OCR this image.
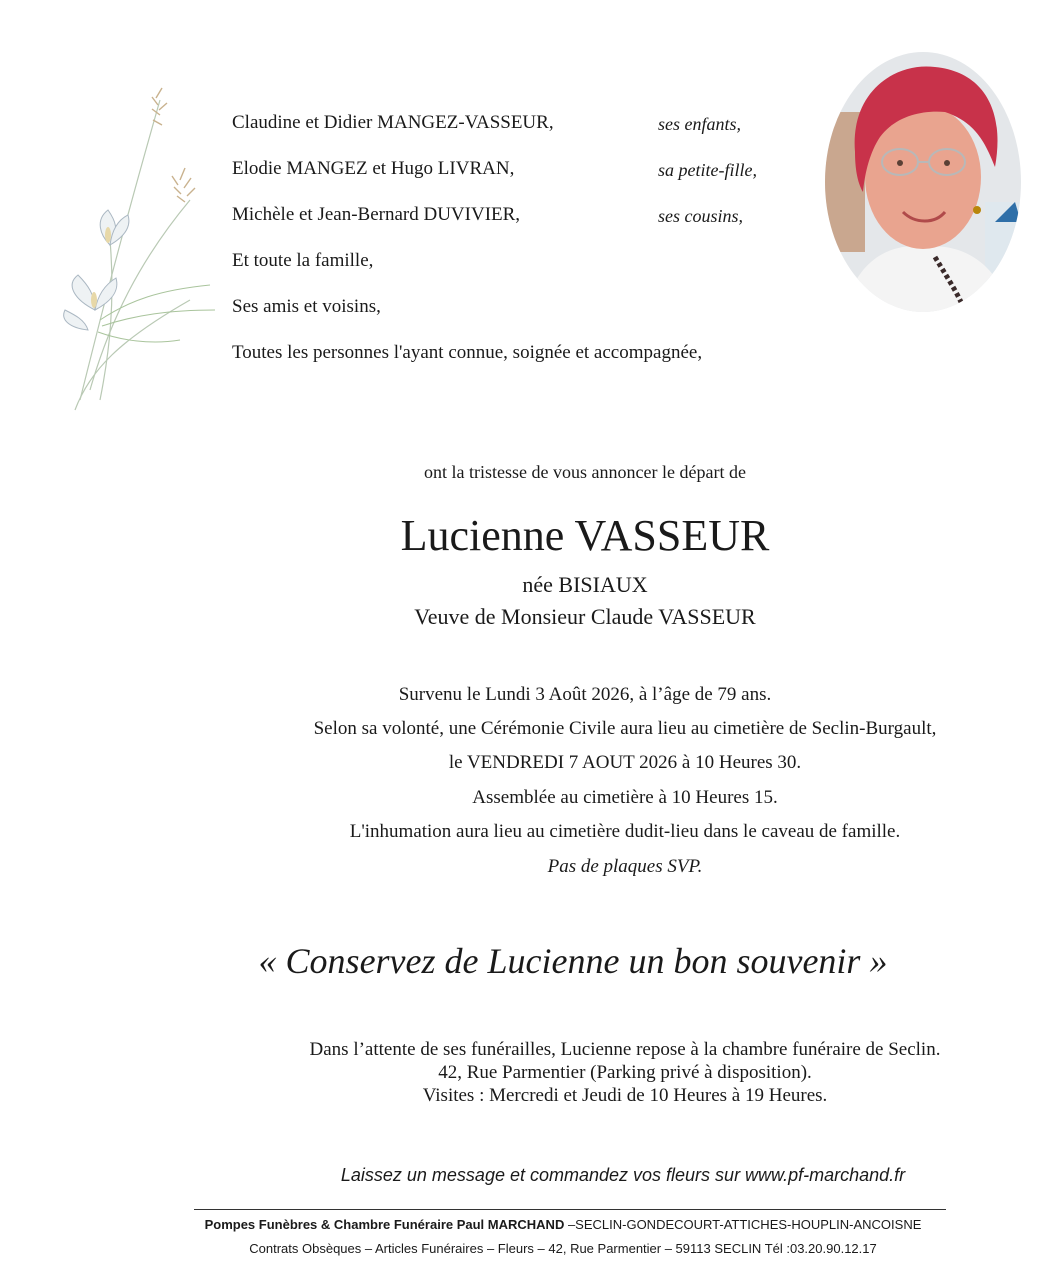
Claudine et Didier MANGEZ-VASSEUR,	ses enfants,
Elodie MANGEZ et Hugo LIVRAN,	sa petite-fille,
Michèle et Jean-Bernard DUVIVIER,	ses cousins,
Et toute la famille,
Ses amis et voisins,
Toutes les personnes l'ayant connue, soignée et accompagnée,
ont la tristesse de vous annoncer le départ de
Lucienne VASSEUR
née BISIAUX
Veuve de Monsieur Claude VASSEUR
Survenu le Lundi 3 Août 2026, à l’âge de 79 ans.
Selon sa volonté, une Cérémonie Civile aura lieu au cimetière de Seclin-Burgault,
le VENDREDI 7 AOUT 2026 à 10 Heures 30.
Assemblée au cimetière à 10 Heures 15.
L'inhumation aura lieu au cimetière dudit-lieu dans le caveau de famille.
Pas de plaques SVP.
« Conservez de Lucienne un bon souvenir »
Dans l’attente de ses funérailles, Lucienne repose à la chambre funéraire de Seclin.
42, Rue Parmentier (Parking privé à disposition).
Visites : Mercredi et Jeudi de 10 Heures à 19 Heures.
Laissez un message et commandez vos fleurs sur www.pf-marchand.fr
Pompes Funèbres & Chambre Funéraire Paul MARCHAND –SECLIN-GONDECOURT-ATTICHES-HOUPLIN-ANCOISNE
Contrats Obsèques – Articles Funéraires – Fleurs – 42, Rue Parmentier – 59113 SECLIN Tél :03.20.90.12.17
